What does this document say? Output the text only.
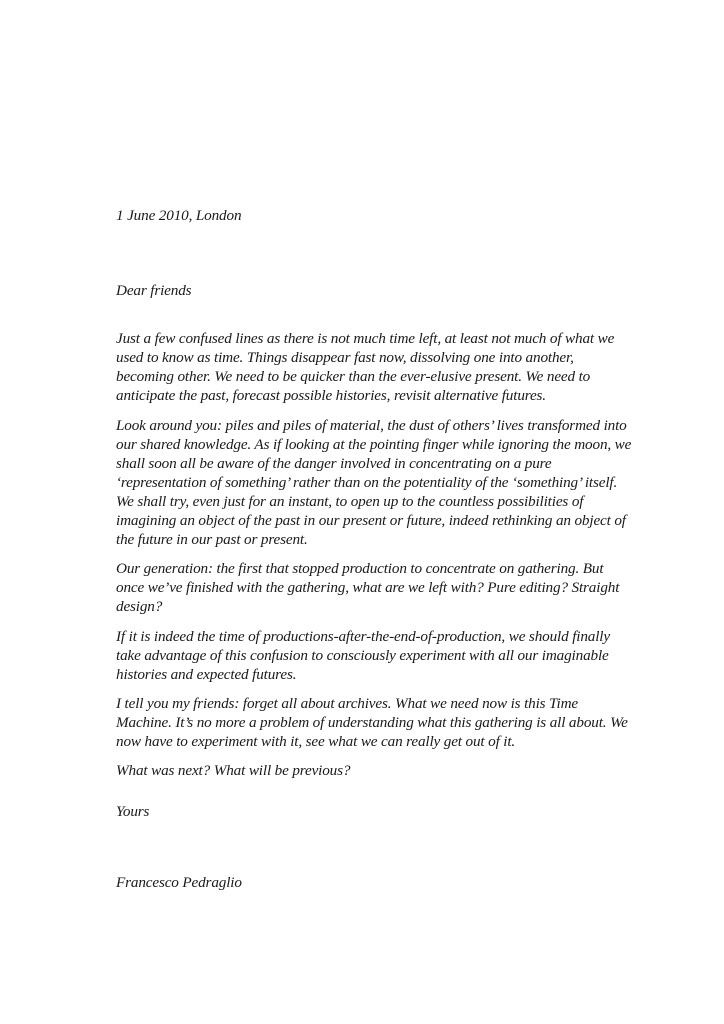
1 June 2010, London

Dear friends

Just a few confused lines as there is not much time left, at least not much of what we used to know as time. Things disappear fast now, dissolving one into another, becoming other. We need to be quicker than the ever-elusive present. We need to anticipate the past, forecast possible histories, revisit alternative futures.

Look around you: piles and piles of material, the dust of others’ lives transformed into our shared knowledge. As if looking at the pointing finger while ignoring the moon, we shall soon all be aware of the danger involved in concentrating on a pure ‘representation of something’ rather than on the potentiality of the ‘something’ itself. We shall try, even just for an instant, to open up to the countless possibilities of imagining an object of the past in our present or future, indeed rethinking an object of the future in our past or present.

Our generation: the first that stopped production to concentrate on gathering. But once we’ve finished with the gathering, what are we left with? Pure editing? Straight design?

If it is indeed the time of productions-after-the-end-of-production, we should finally take advantage of this confusion to consciously experiment with all our imaginable histories and expected futures.

I tell you my friends: forget all about archives. What we need now is this Time Machine. It’s no more a problem of understanding what this gathering is all about. We now have to experiment with it, see what we can really get out of it.

What was next? What will be previous?

Yours

Francesco Pedraglio
